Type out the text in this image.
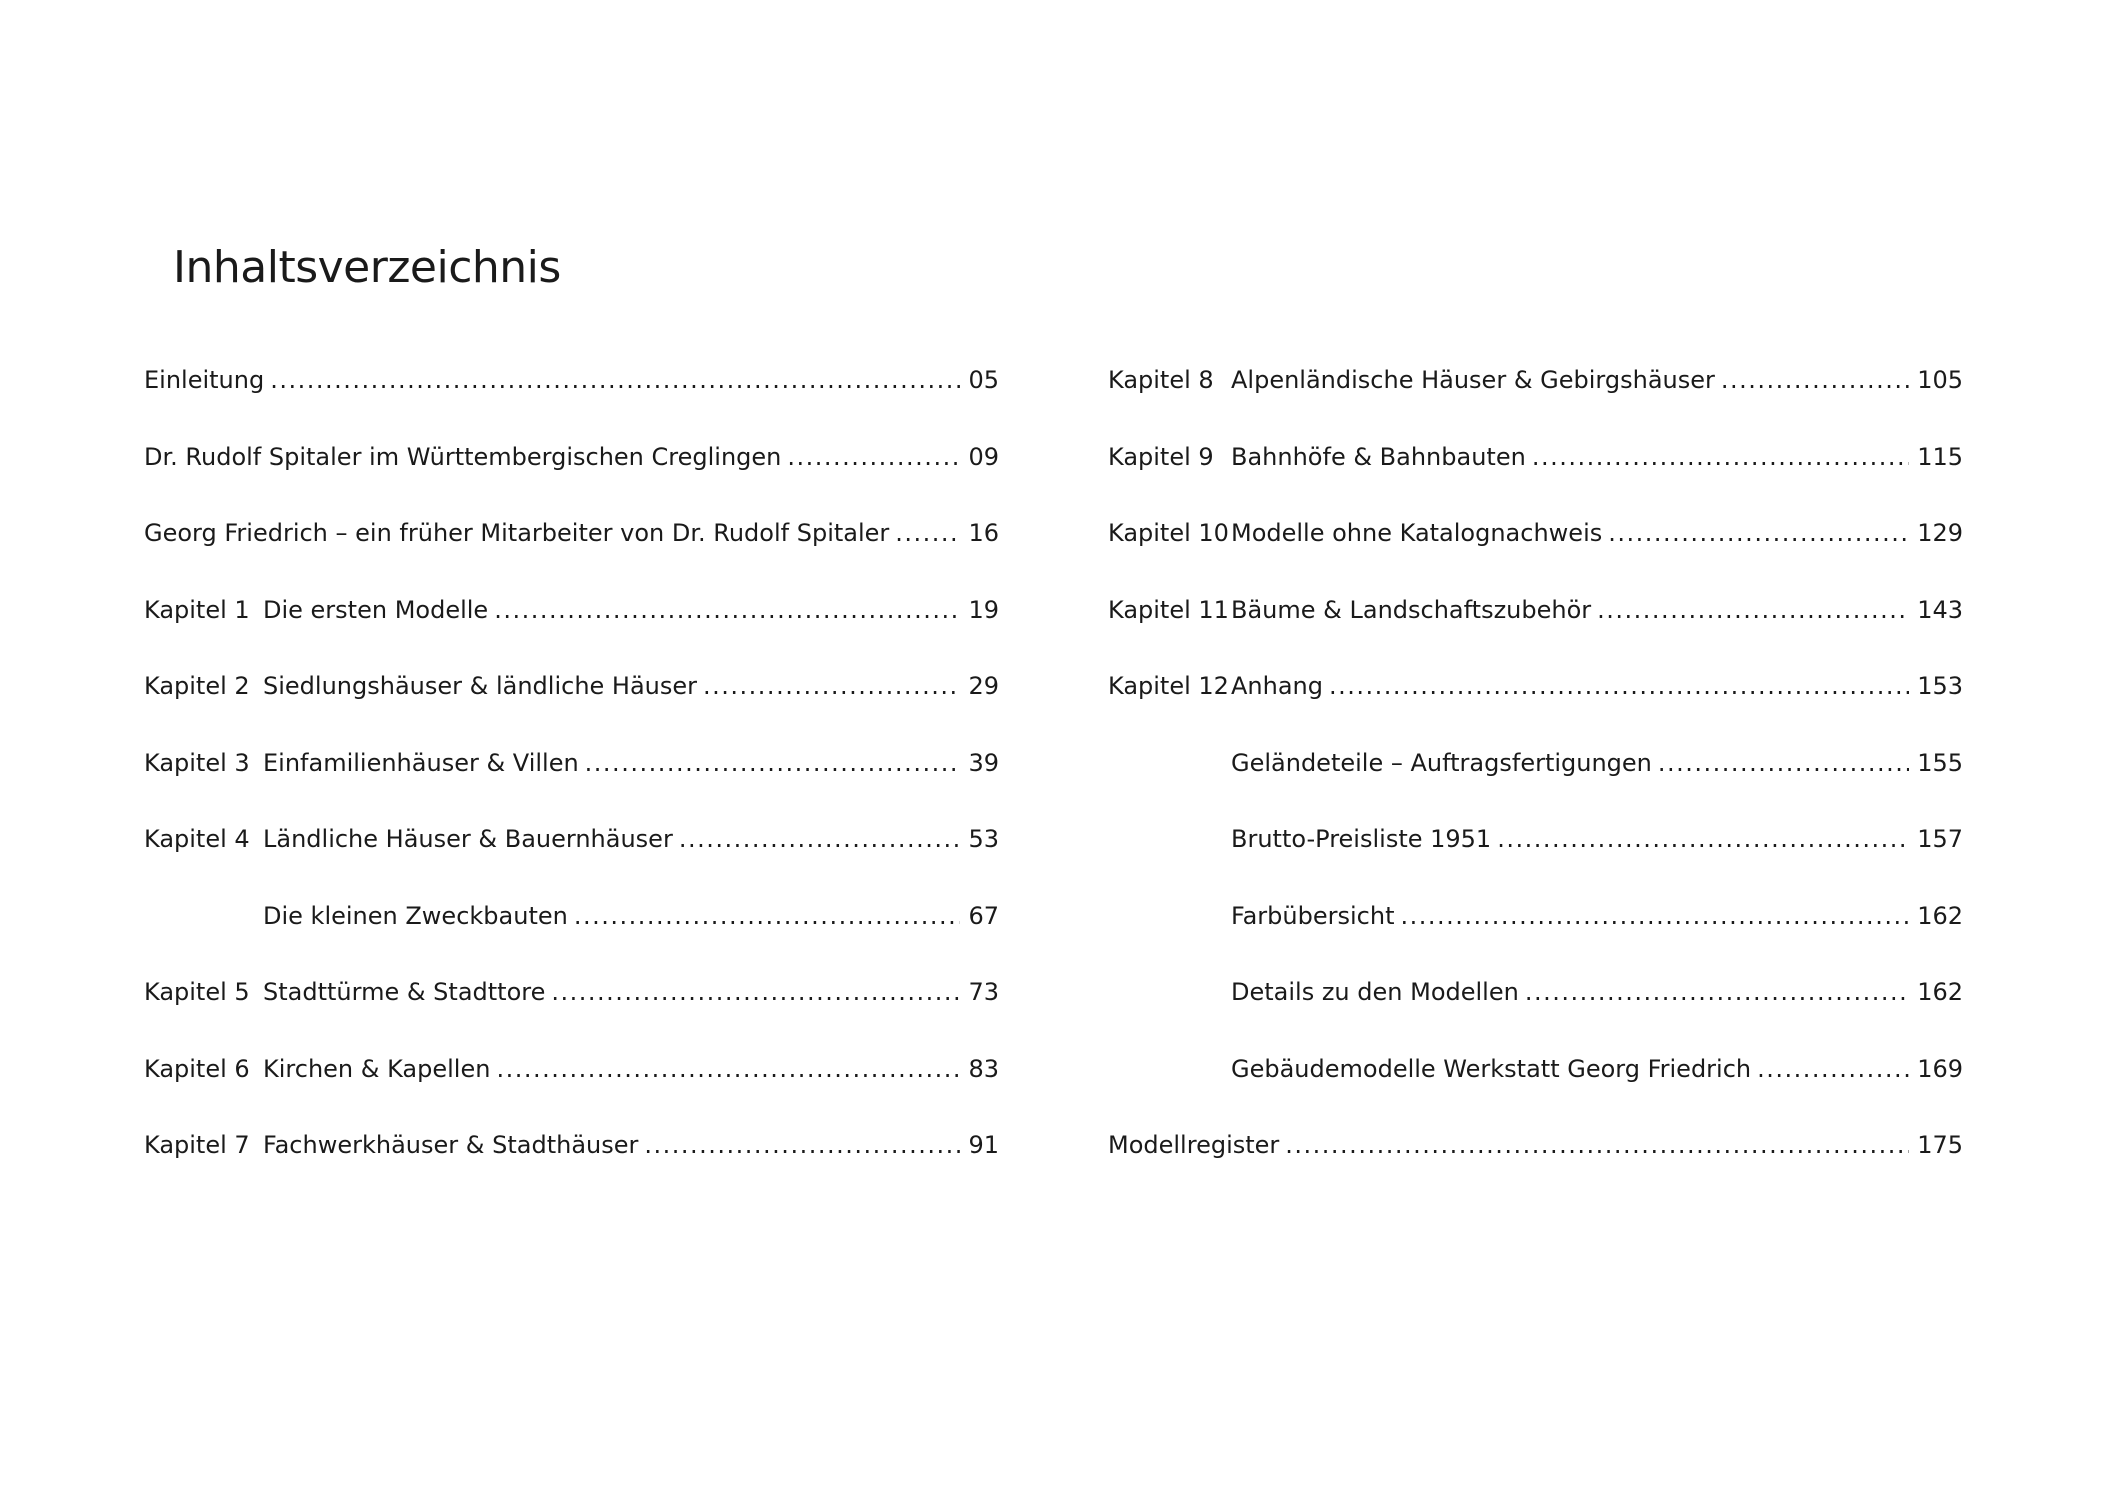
Inhaltsverzeichnis
Einleitung .....	05
Dr. Rudolf Spitaler im Württembergischen Creglingen .....	09
Georg Friedrich – ein früher Mitarbeiter von Dr. Rudolf Spitaler .....	16
Kapitel 1 Die ersten Modelle .....	19
Kapitel 2 Siedlungshäuser & ländliche Häuser .....	29
Kapitel 3 Einfamilienhäuser & Villen .....	39
Kapitel 4 Ländliche Häuser & Bauernhäuser .....	53
Die kleinen Zweckbauten .....	67
Kapitel 5 Stadttürme & Stadttore .....	73
Kapitel 6 Kirchen & Kapellen .....	83
Kapitel 7 Fachwerkhäuser & Stadthäuser .....	91
Kapitel 8 Alpenländische Häuser & Gebirgshäuser .....	105
Kapitel 9 Bahnhöfe & Bahnbauten .....	115
Kapitel 10 Modelle ohne Katalognachweis .....	129
Kapitel 11 Bäume & Landschaftszubehör .....	143
Kapitel 12 Anhang .....	153
Geländeteile – Auftragsfertigungen .....	155
Brutto-Preisliste 1951 .....	157
Farbübersicht .....	162
Details zu den Modellen .....	162
Gebäudemodelle Werkstatt Georg Friedrich .....	169
Modellregister .....	175
